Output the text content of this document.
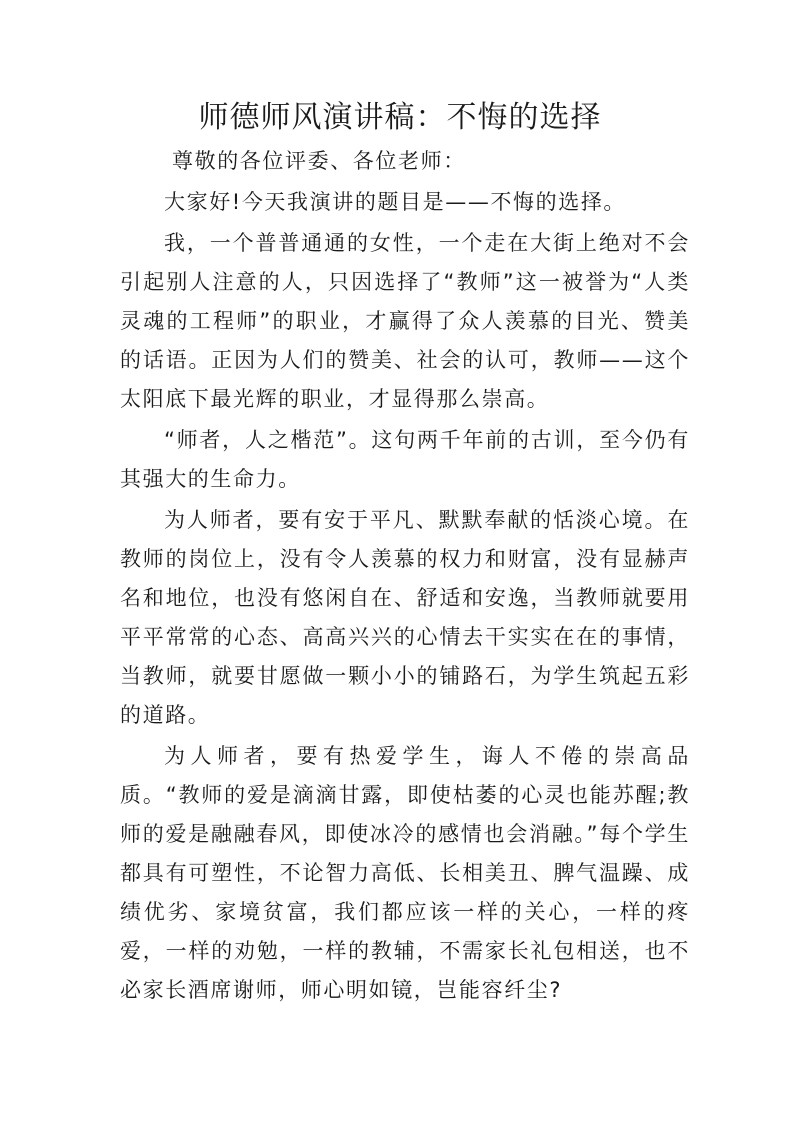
师德师风演讲稿：不悔的选择

尊敬的各位评委、各位老师：

大家好!今天我演讲的题目是——不悔的选择。

我，一个普普通通的女性，一个走在大街上绝对不会引起别人注意的人，只因选择了“教师”这一被誉为“人类灵魂的工程师”的职业，才赢得了众人羡慕的目光、赞美的话语。正因为人们的赞美、社会的认可，教师——这个太阳底下最光辉的职业，才显得那么崇高。

“师者，人之楷范”。这句两千年前的古训，至今仍有其强大的生命力。

为人师者，要有安于平凡、默默奉献的恬淡心境。在教师的岗位上，没有令人羡慕的权力和财富，没有显赫声名和地位，也没有悠闲自在、舒适和安逸，当教师就要用平平常常的心态、高高兴兴的心情去干实实在在的事情，当教师，就要甘愿做一颗小小的铺路石，为学生筑起五彩的道路。

为人师者，要有热爱学生，诲人不倦的崇高品质。“教师的爱是滴滴甘露，即使枯萎的心灵也能苏醒;教师的爱是融融春风，即使冰冷的感情也会消融。”每个学生都具有可塑性，不论智力高低、长相美丑、脾气温躁、成绩优劣、家境贫富，我们都应该一样的关心，一样的疼爱，一样的劝勉，一样的教辅，不需家长礼包相送，也不必家长酒席谢师，师心明如镜，岂能容纤尘?
